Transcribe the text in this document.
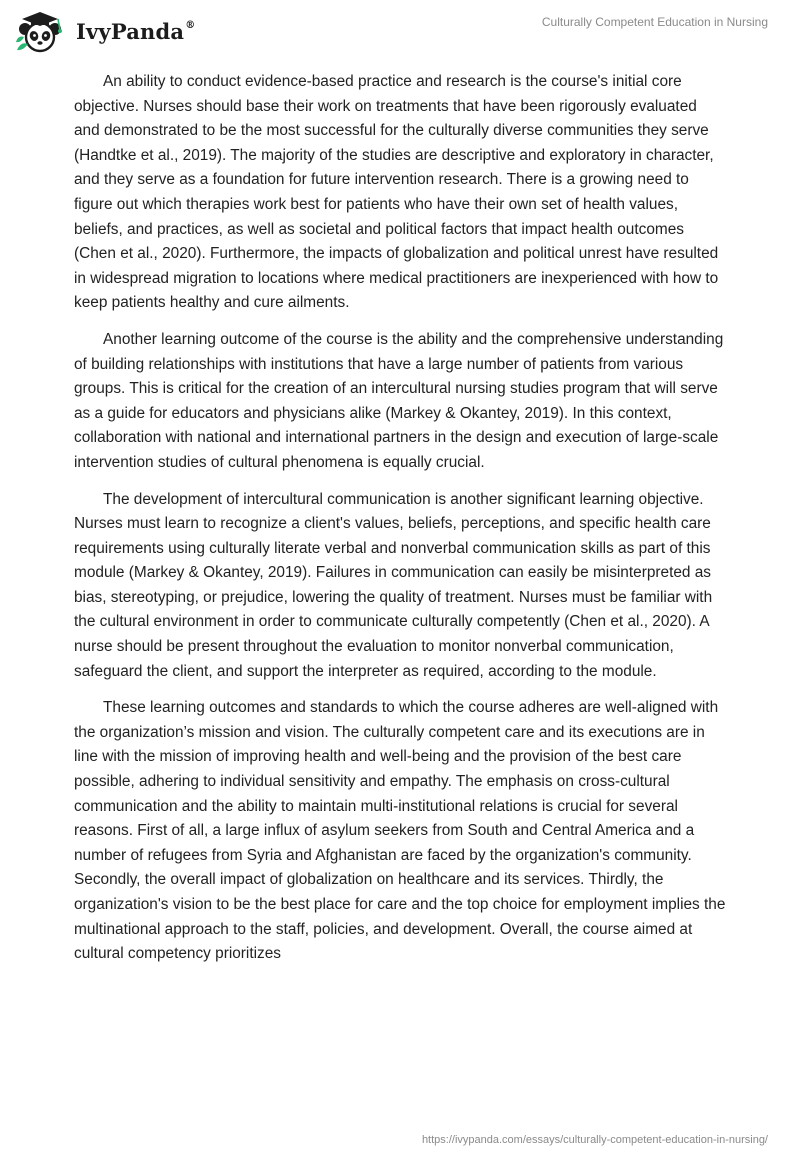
IvyPanda®	Culturally Competent Education in Nursing

An ability to conduct evidence-based practice and research is the course's initial core objective. Nurses should base their work on treatments that have been rigorously evaluated and demonstrated to be the most successful for the culturally diverse communities they serve (Handtke et al., 2019). The majority of the studies are descriptive and exploratory in character, and they serve as a foundation for future intervention research. There is a growing need to figure out which therapies work best for patients who have their own set of health values, beliefs, and practices, as well as societal and political factors that impact health outcomes (Chen et al., 2020). Furthermore, the impacts of globalization and political unrest have resulted in widespread migration to locations where medical practitioners are inexperienced with how to keep patients healthy and cure ailments.

Another learning outcome of the course is the ability and the comprehensive understanding of building relationships with institutions that have a large number of patients from various groups. This is critical for the creation of an intercultural nursing studies program that will serve as a guide for educators and physicians alike (Markey & Okantey, 2019). In this context, collaboration with national and international partners in the design and execution of large-scale intervention studies of cultural phenomena is equally crucial.

The development of intercultural communication is another significant learning objective. Nurses must learn to recognize a client's values, beliefs, perceptions, and specific health care requirements using culturally literate verbal and nonverbal communication skills as part of this module (Markey & Okantey, 2019). Failures in communication can easily be misinterpreted as bias, stereotyping, or prejudice, lowering the quality of treatment. Nurses must be familiar with the cultural environment in order to communicate culturally competently (Chen et al., 2020). A nurse should be present throughout the evaluation to monitor nonverbal communication, safeguard the client, and support the interpreter as required, according to the module.

These learning outcomes and standards to which the course adheres are well-aligned with the organization’s mission and vision. The culturally competent care and its executions are in line with the mission of improving health and well-being and the provision of the best care possible, adhering to individual sensitivity and empathy. The emphasis on cross-cultural communication and the ability to maintain multi-institutional relations is crucial for several reasons. First of all, a large influx of asylum seekers from South and Central America and a number of refugees from Syria and Afghanistan are faced by the organization's community. Secondly, the overall impact of globalization on healthcare and its services. Thirdly, the organization's vision to be the best place for care and the top choice for employment implies the multinational approach to the staff, policies, and development. Overall, the course aimed at cultural competency prioritizes

https://ivypanda.com/essays/culturally-competent-education-in-nursing/
